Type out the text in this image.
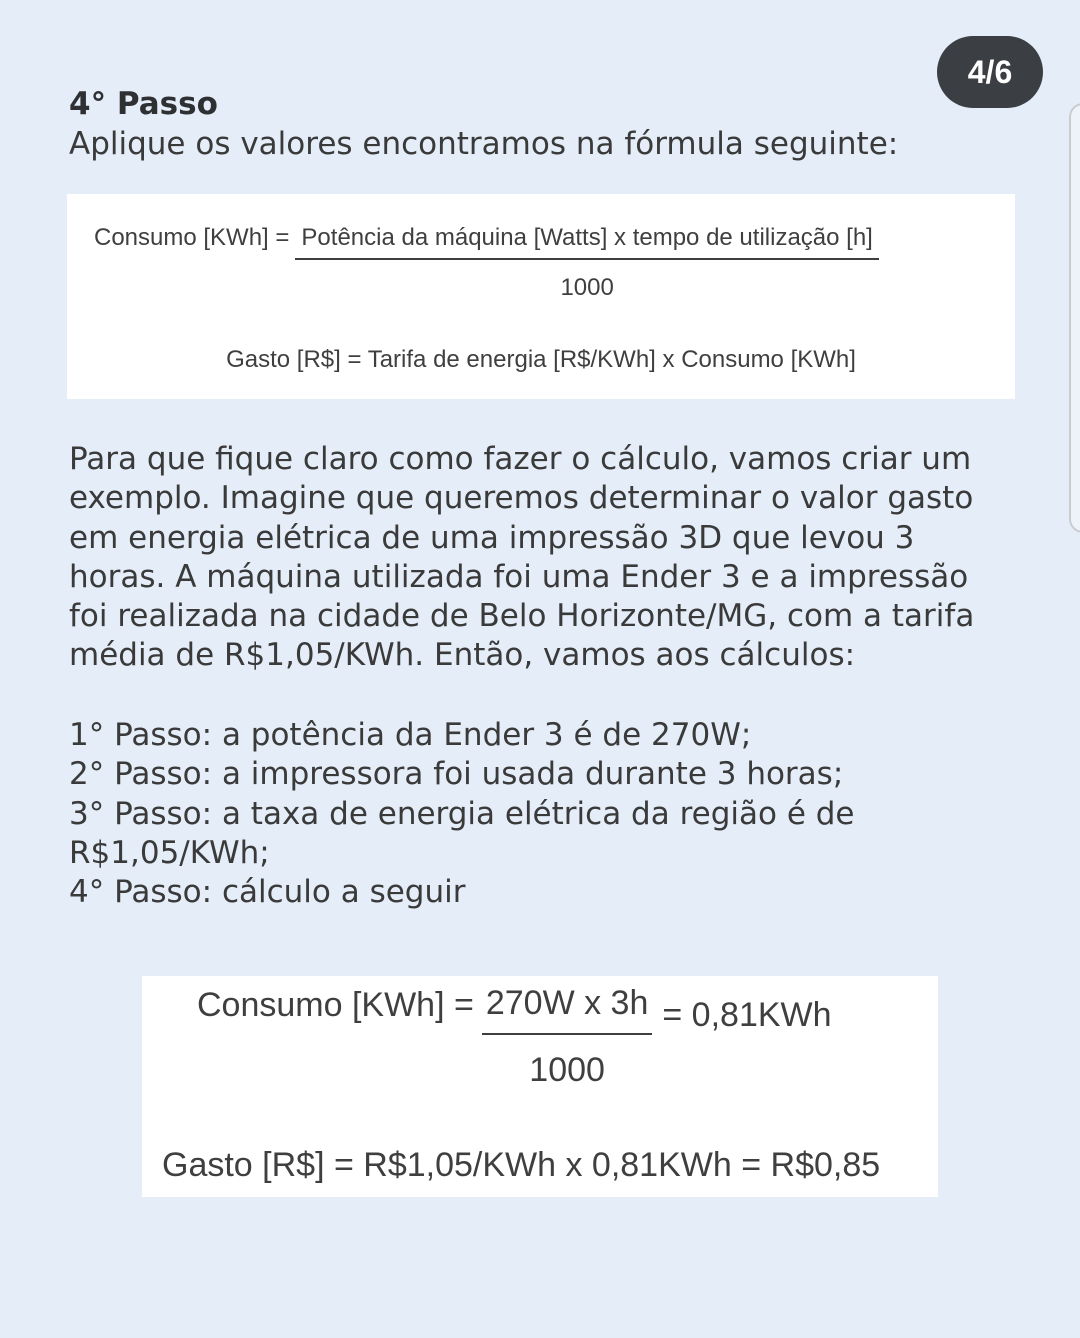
4/6
4° Passo

Aplique os valores encontramos na fórmula seguinte:

Consumo $[KWh] = \frac{\text{Potência da máquina [Watts] x tempo de utilização [h]}}{1000}$
Gasto [R$] = Tarifa de energia [R$/KWh] x Consumo [KWh]
Para que fique claro como fazer o cálculo, vamos criar um
exemplo. Imagine que queremos determinar o valor gasto
em energia elétrica de uma impressão 3D que levou 3
horas. A máquina utilizada foi uma Ender 3 e a impressão
foi realizada na cidade de Belo Horizonte/MG, com a tarifa
média de R$1,05/KWh. Então, vamos aos cálculos:
1° Passo: a potência da Ender 3 é de 270W;
2° Passo: a impressora foi usada durante 3 horas;
3° Passo: a taxa de energia elétrica da região é de
R$1,05/KWh;
4° Passo: cálculo a seguir
Consumo $[KWh] = \frac{\text{270W x 3h}}{1000} = 0,81KWh$
Gasto [R$] = R$1,05/KWh x 0,81KWh = R$0,85
